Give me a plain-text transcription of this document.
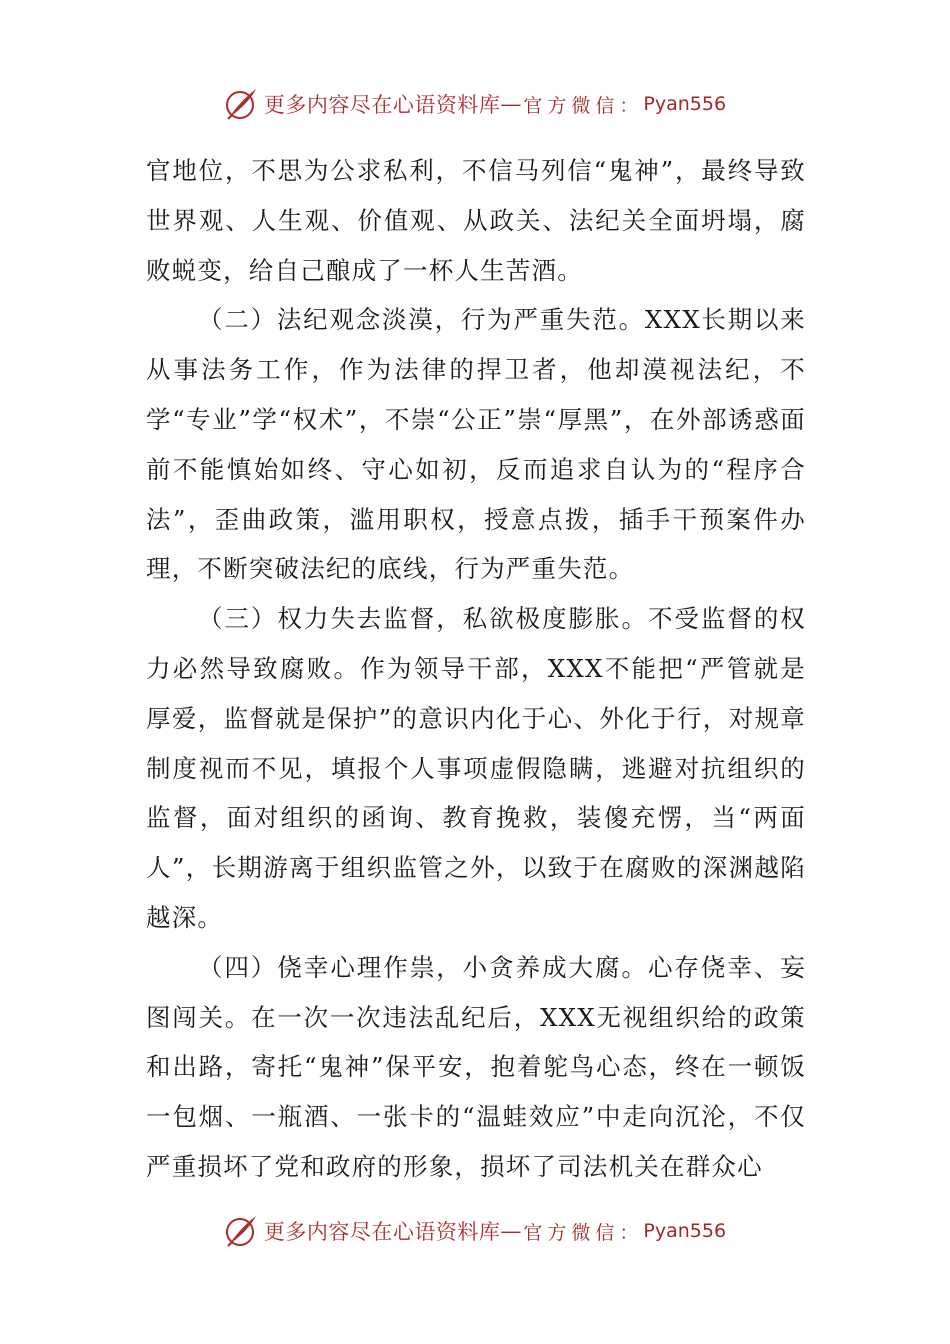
更多内容尽在心语资料库 — 官方微信： Pyan556

官地位，不思为公求私利，不信马列信“鬼神”，最终导致世界观、人生观、价值观、从政关、法纪关全面坍塌，腐败蜕变，给自己酿成了一杯人生苦酒。

（二）法纪观念淡漠，行为严重失范。XXX长期以来从事法务工作，作为法律的捍卫者，他却漠视法纪，不学“专业”学“权术”，不崇“公正”崇“厚黑”，在外部诱惑面前不能慎始如终、守心如初，反而追求自认为的“程序合法”，歪曲政策，滥用职权，授意点拨，插手干预案件办理，不断突破法纪的底线，行为严重失范。

（三）权力失去监督，私欲极度膨胀。不受监督的权力必然导致腐败。作为领导干部，XXX不能把“严管就是厚爱，监督就是保护”的意识内化于心、外化于行，对规章制度视而不见，填报个人事项虚假隐瞒，逃避对抗组织的监督，面对组织的函询、教育挽救，装傻充愣，当“两面人”，长期游离于组织监管之外，以致于在腐败的深渊越陷越深。

（四）侥幸心理作祟，小贪养成大腐。心存侥幸、妄图闯关。在一次一次违法乱纪后，XXX无视组织给的政策和出路，寄托“鬼神”保平安，抱着鸵鸟心态，终在一顿饭一包烟、一瓶酒、一张卡的“温蛙效应”中走向沉沦，不仅严重损坏了党和政府的形象，损坏了司法机关在群众心

更多内容尽在心语资料库 — 官方微信： Pyan556
